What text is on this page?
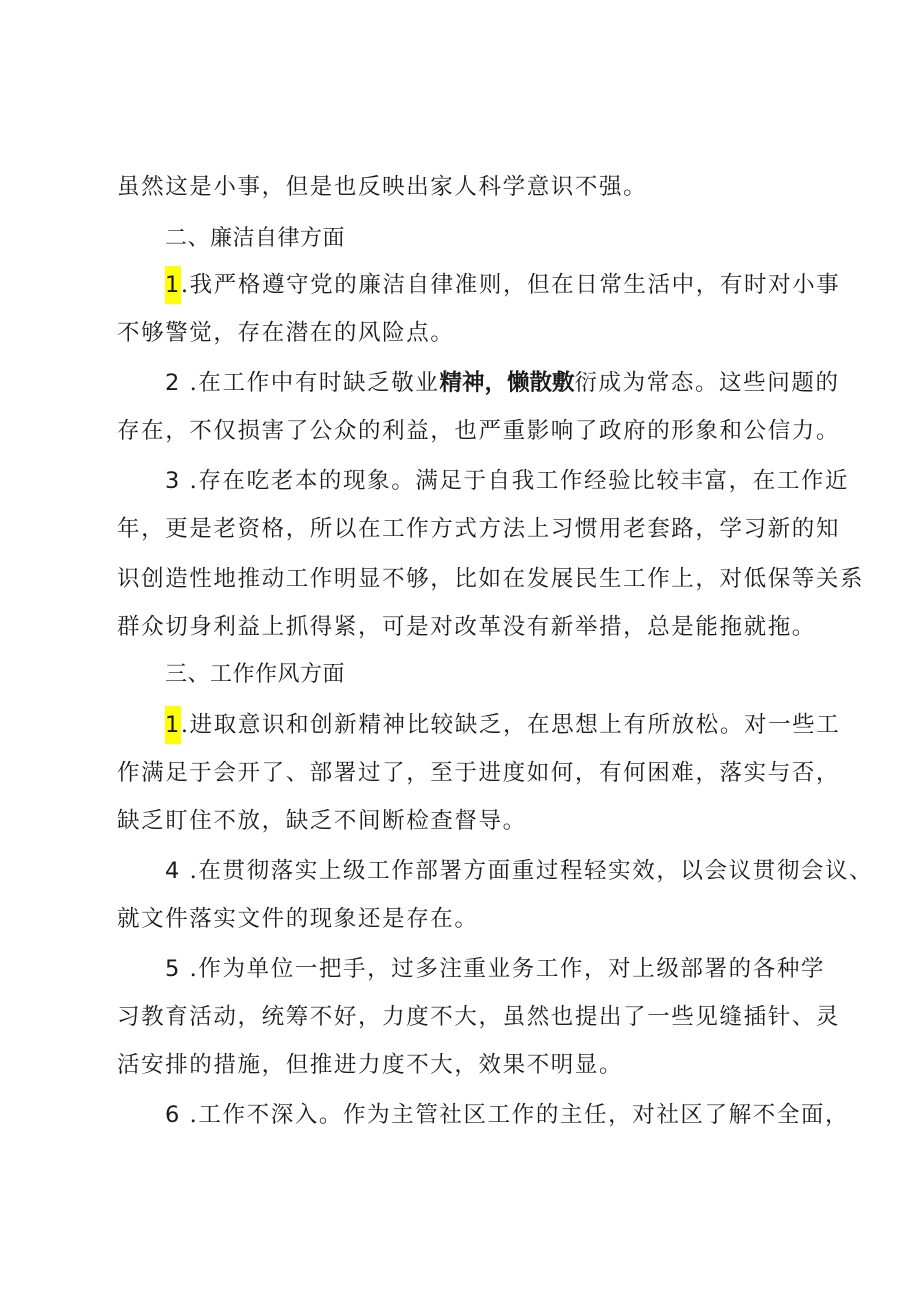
虽然这是小事，但是也反映出家人科学意识不强。
二、廉洁自律方面
1.我严格遵守党的廉洁自律准则，但在日常生活中，有时对小事
不够警觉，存在潜在的风险点。
2 .在工作中有时缺乏敬业精神，懒散敷衍成为常态。这些问题的
存在，不仅损害了公众的利益，也严重影响了政府的形象和公信力。
3 .存在吃老本的现象。满足于自我工作经验比较丰富，在工作近
年，更是老资格，所以在工作方式方法上习惯用老套路，学习新的知
识创造性地推动工作明显不够，比如在发展民生工作上，对低保等关系
群众切身利益上抓得紧，可是对改革没有新举措，总是能拖就拖。
三、工作作风方面
1.进取意识和创新精神比较缺乏，在思想上有所放松。对一些工
作满足于会开了、部署过了，至于进度如何，有何困难，落实与否，
缺乏盯住不放，缺乏不间断检查督导。
4 .在贯彻落实上级工作部署方面重过程轻实效，以会议贯彻会议、
就文件落实文件的现象还是存在。
5 .作为单位一把手，过多注重业务工作，对上级部署的各种学
习教育活动，统筹不好，力度不大，虽然也提出了一些见缝插针、灵
活安排的措施，但推进力度不大，效果不明显。
6 .工作不深入。作为主管社区工作的主任，对社区了解不全面，
